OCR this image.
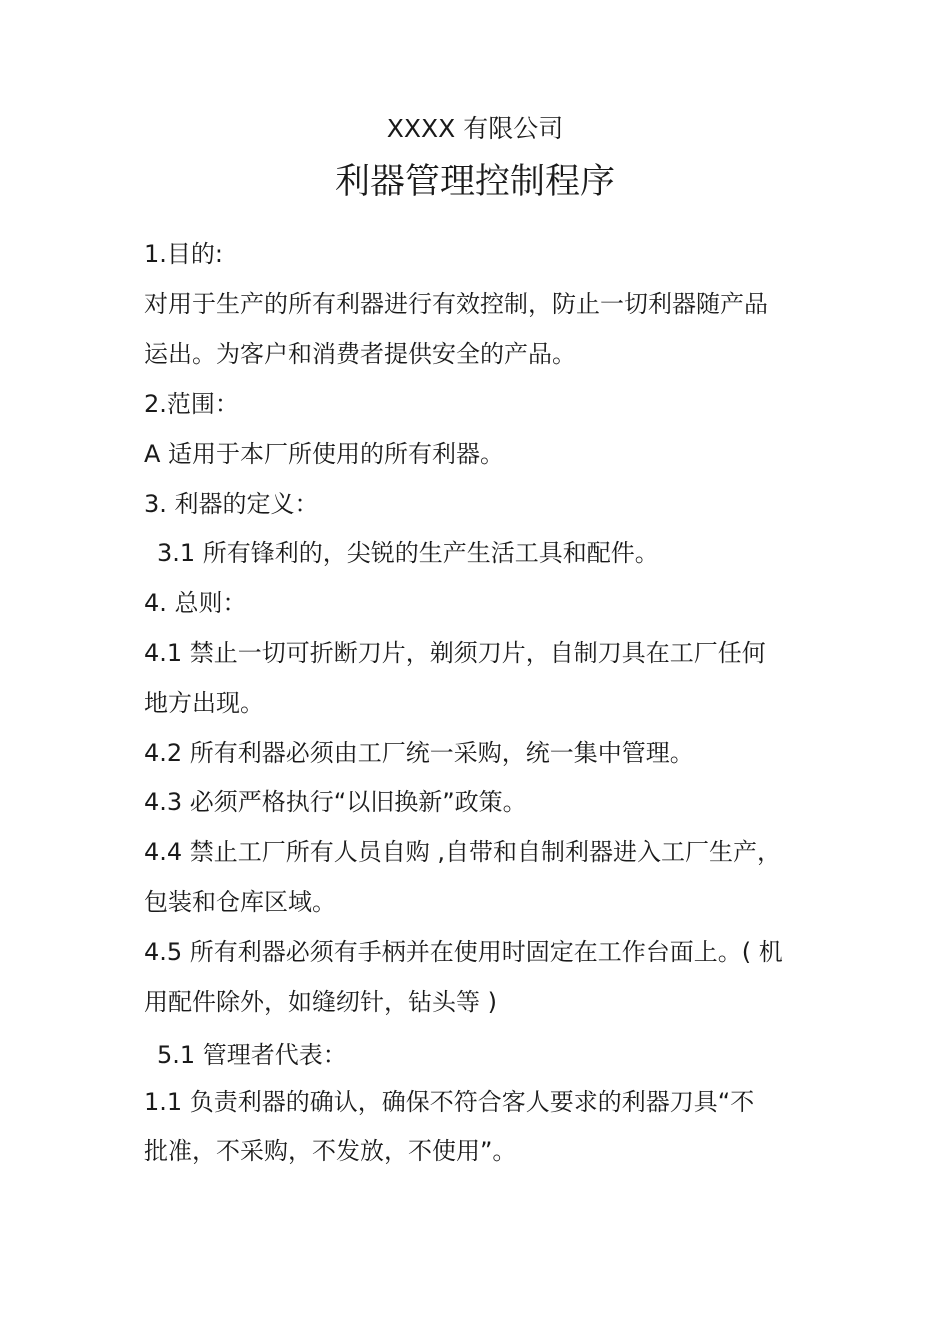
XXXX 有限公司
利器管理控制程序
1.目的:
对用于生产的所有利器进行有效控制，防止一切利器随产品
运出。为客户和消费者提供安全的产品。
2.范围：
A 适用于本厂所使用的所有利器。
3. 利器的定义：
3.1 所有锋利的，尖锐的生产生活工具和配件。
4. 总则：
4.1 禁止一切可折断刀片，剃须刀片，自制刀具在工厂任何
地方出现。
4.2 所有利器必须由工厂统一采购，统一集中管理。
4.3 必须严格执行“以旧换新”政策。
4.4 禁止工厂所有人员自购 ,自带和自制利器进入工厂生产，
包装和仓库区域。
4.5 所有利器必须有手柄并在使用时固定在工作台面上。( 机
用配件除外，如缝纫针，钻头等 )
5.1 管理者代表：
1.1 负责利器的确认，确保不符合客人要求的利器刀具“不
批准，不采购，不发放，不使用”。
